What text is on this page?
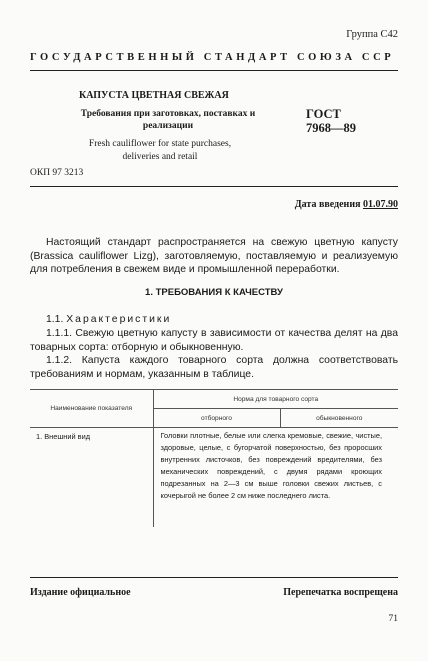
Группа С42
ГОСУДАРСТВЕННЫЙ СТАНДАРТ СОЮЗА ССР
КАПУСТА ЦВЕТНАЯ СВЕЖАЯ
Требования при заготовках, поставках и реализации
ГОСТ
7968—89
Fresh cauliflower for state purchases, deliveries and retail
ОКП 97 3213
Дата введения 01.07.90
Настоящий стандарт распространяется на свежую цветную капусту (Brassica cauliflower Lizg), заготовляемую, поставляемую и реализуемую для потребления в свежем виде и промышленной переработки.
1. ТРЕБОВАНИЯ К КАЧЕСТВУ
1.1. Характеристики
1.1.1. Свежую цветную капусту в зависимости от качества делят на два товарных сорта: отборную и обыкновенную.
1.1.2. Капуста каждого товарного сорта должна соответствовать требованиям и нормам, указанным в таблице.
Наименование показателя	Норма для товарного сорта	
	отборного	обыкновенного
1. Внешний вид	Головки плотные, белые или слегка кремовые, свежие, чистые, здоровые, целые, с бугорчатой поверхностью, без проросших внутренних листочков, без повреждений вредителями, без механических повреждений, с двумя рядами кроющих подрезанных на 2—3 см выше головки свежих листьев, с кочерыгой не более 2 см ниже последнего листа.	
Издание официальное	Перепечатка воспрещена
71
